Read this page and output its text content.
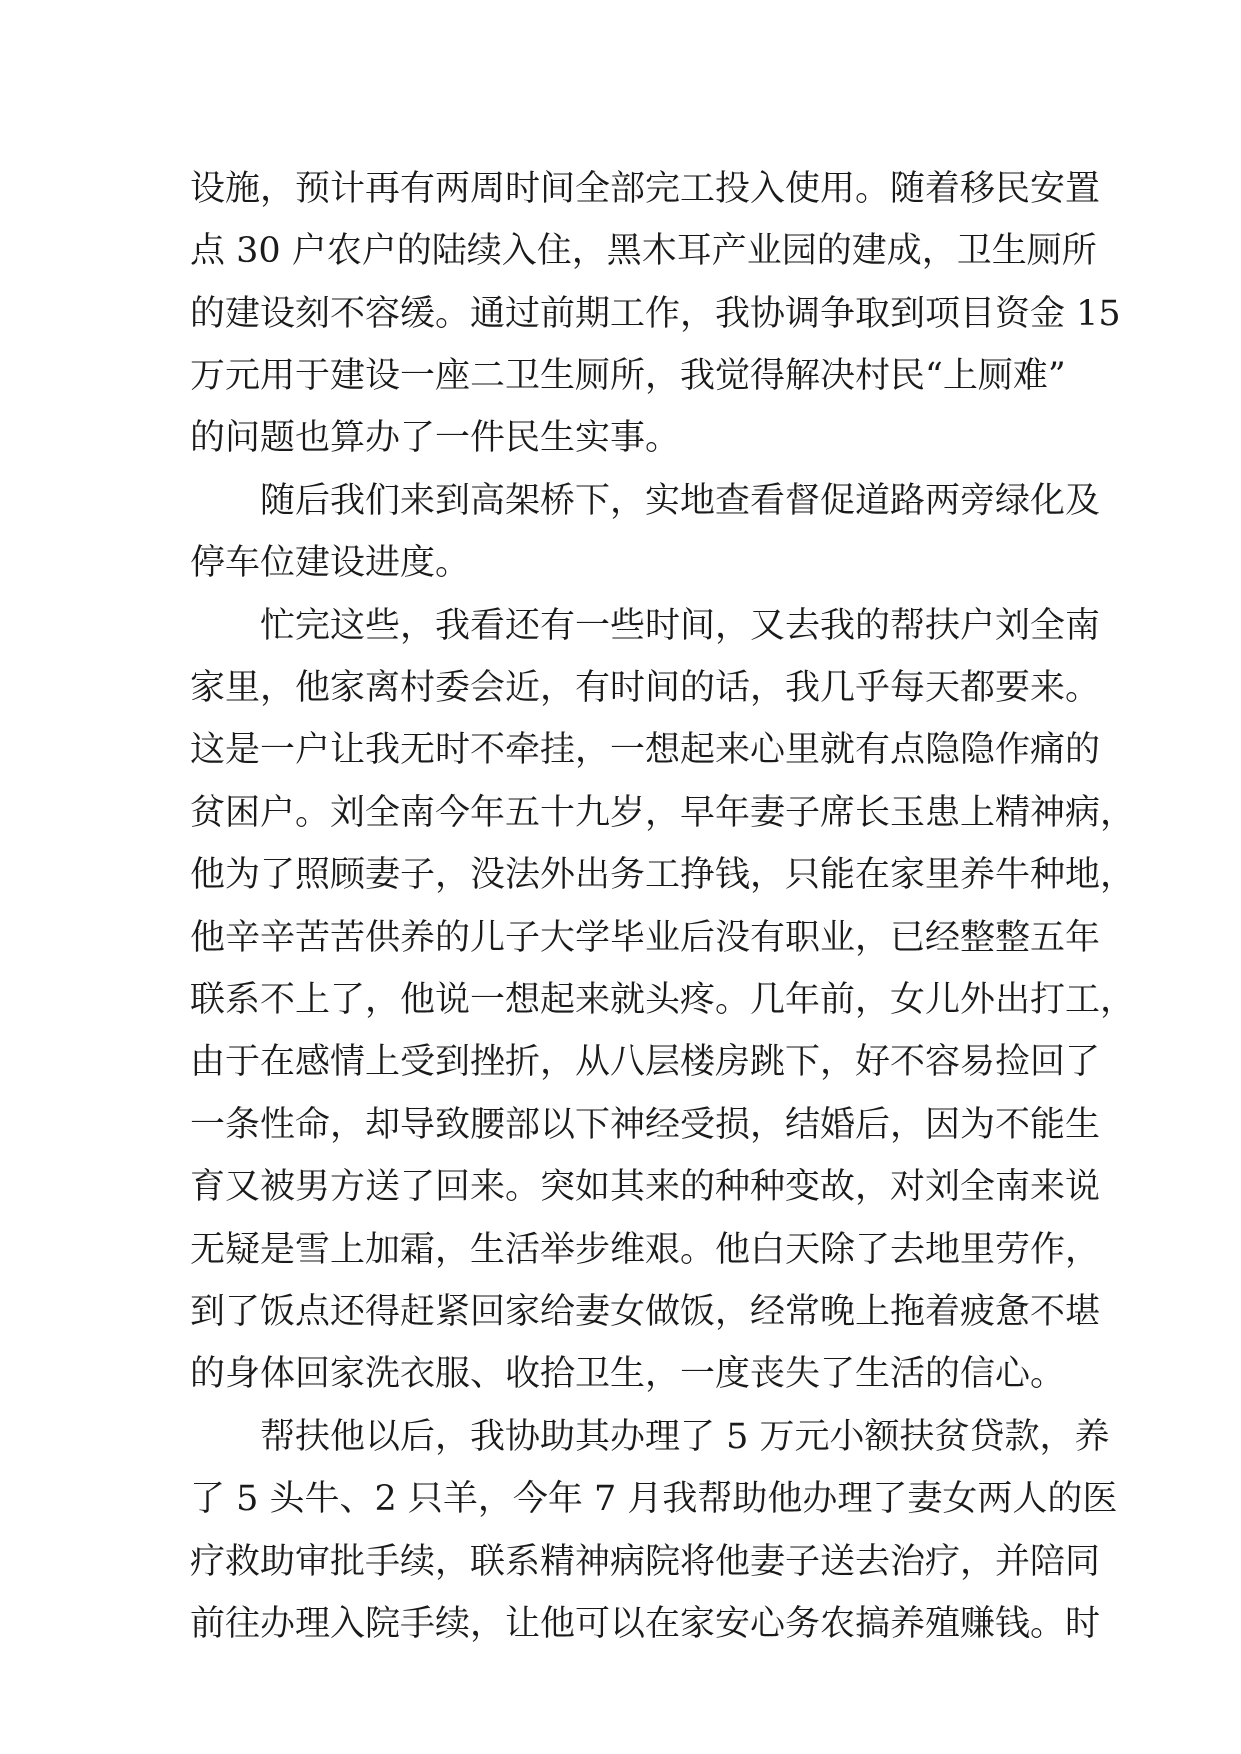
设施，预计再有两周时间全部完工投入使用。随着移民安置
点 30 户农户的陆续入住，黑木耳产业园的建成，卫生厕所
的建设刻不容缓。通过前期工作，我协调争取到项目资金 15
万元用于建设一座二卫生厕所，我觉得解决村民“上厕难”
的问题也算办了一件民生实事。
随后我们来到高架桥下，实地查看督促道路两旁绿化及
停车位建设进度。
忙完这些，我看还有一些时间，又去我的帮扶户刘全南
家里，他家离村委会近，有时间的话，我几乎每天都要来。
这是一户让我无时不牵挂，一想起来心里就有点隐隐作痛的
贫困户。刘全南今年五十九岁，早年妻子席长玉患上精神病，
他为了照顾妻子，没法外出务工挣钱，只能在家里养牛种地，
他辛辛苦苦供养的儿子大学毕业后没有职业，已经整整五年
联系不上了，他说一想起来就头疼。几年前，女儿外出打工，
由于在感情上受到挫折，从八层楼房跳下，好不容易捡回了
一条性命，却导致腰部以下神经受损，结婚后，因为不能生
育又被男方送了回来。突如其来的种种变故，对刘全南来说
无疑是雪上加霜，生活举步维艰。他白天除了去地里劳作，
到了饭点还得赶紧回家给妻女做饭，经常晚上拖着疲惫不堪
的身体回家洗衣服、收拾卫生，一度丧失了生活的信心。
帮扶他以后，我协助其办理了 5 万元小额扶贫贷款，养
了 5 头牛、2 只羊，今年 7 月我帮助他办理了妻女两人的医
疗救助审批手续，联系精神病院将他妻子送去治疗，并陪同
前往办理入院手续，让他可以在家安心务农搞养殖赚钱。时
